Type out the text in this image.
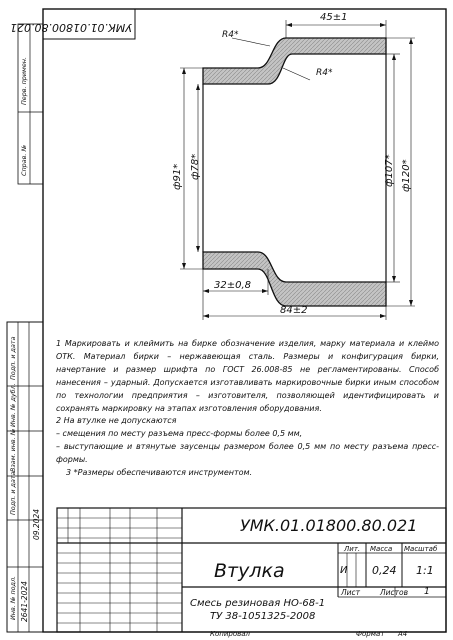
УМК.01.01800.80.021
45±1
R4*
R4*
ф91* ф78*	ф107* ф120*
32±0,8
84±2

1 Маркировать и клеймить на бирке обозначение изделия, марку материала и клеймо ОТК. Материал бирки – нержавеющая сталь. Размеры и конфигурация бирки, начертание и размер шрифта по ГОСТ 26.008-85 не регламентированы. Способ нанесения – ударный. Допускается изготавливать маркировочные бирки иным способом по технологии предприятия – изготовителя, позволяющей идентифицировать и сохранять маркировку на этапах изготовления оборудования.

2 На втулке не допускаются

– смещения по месту разъема пресс-формы более 0,5 мм,

– выступающие и втянутые заусенцы размером более 0,5 мм по месту разъема пресс-формы.

3 *Размеры обеспечиваются инструментом.

Перв. примен.
Справ. №
Подп. и дата
Инв. № дубл.
Взам. инв. №
Подп. и дата
09.2024
Инв. № подл. 2641-2024
УМК.01.01800.80.021
Втулка
Лит. Масса Масштаб
И 0,24 1:1
Лист	Листов 1
Смесь резиновая НО-68-1
ТУ 38-1051325-2008
Копировал	Формат А4
